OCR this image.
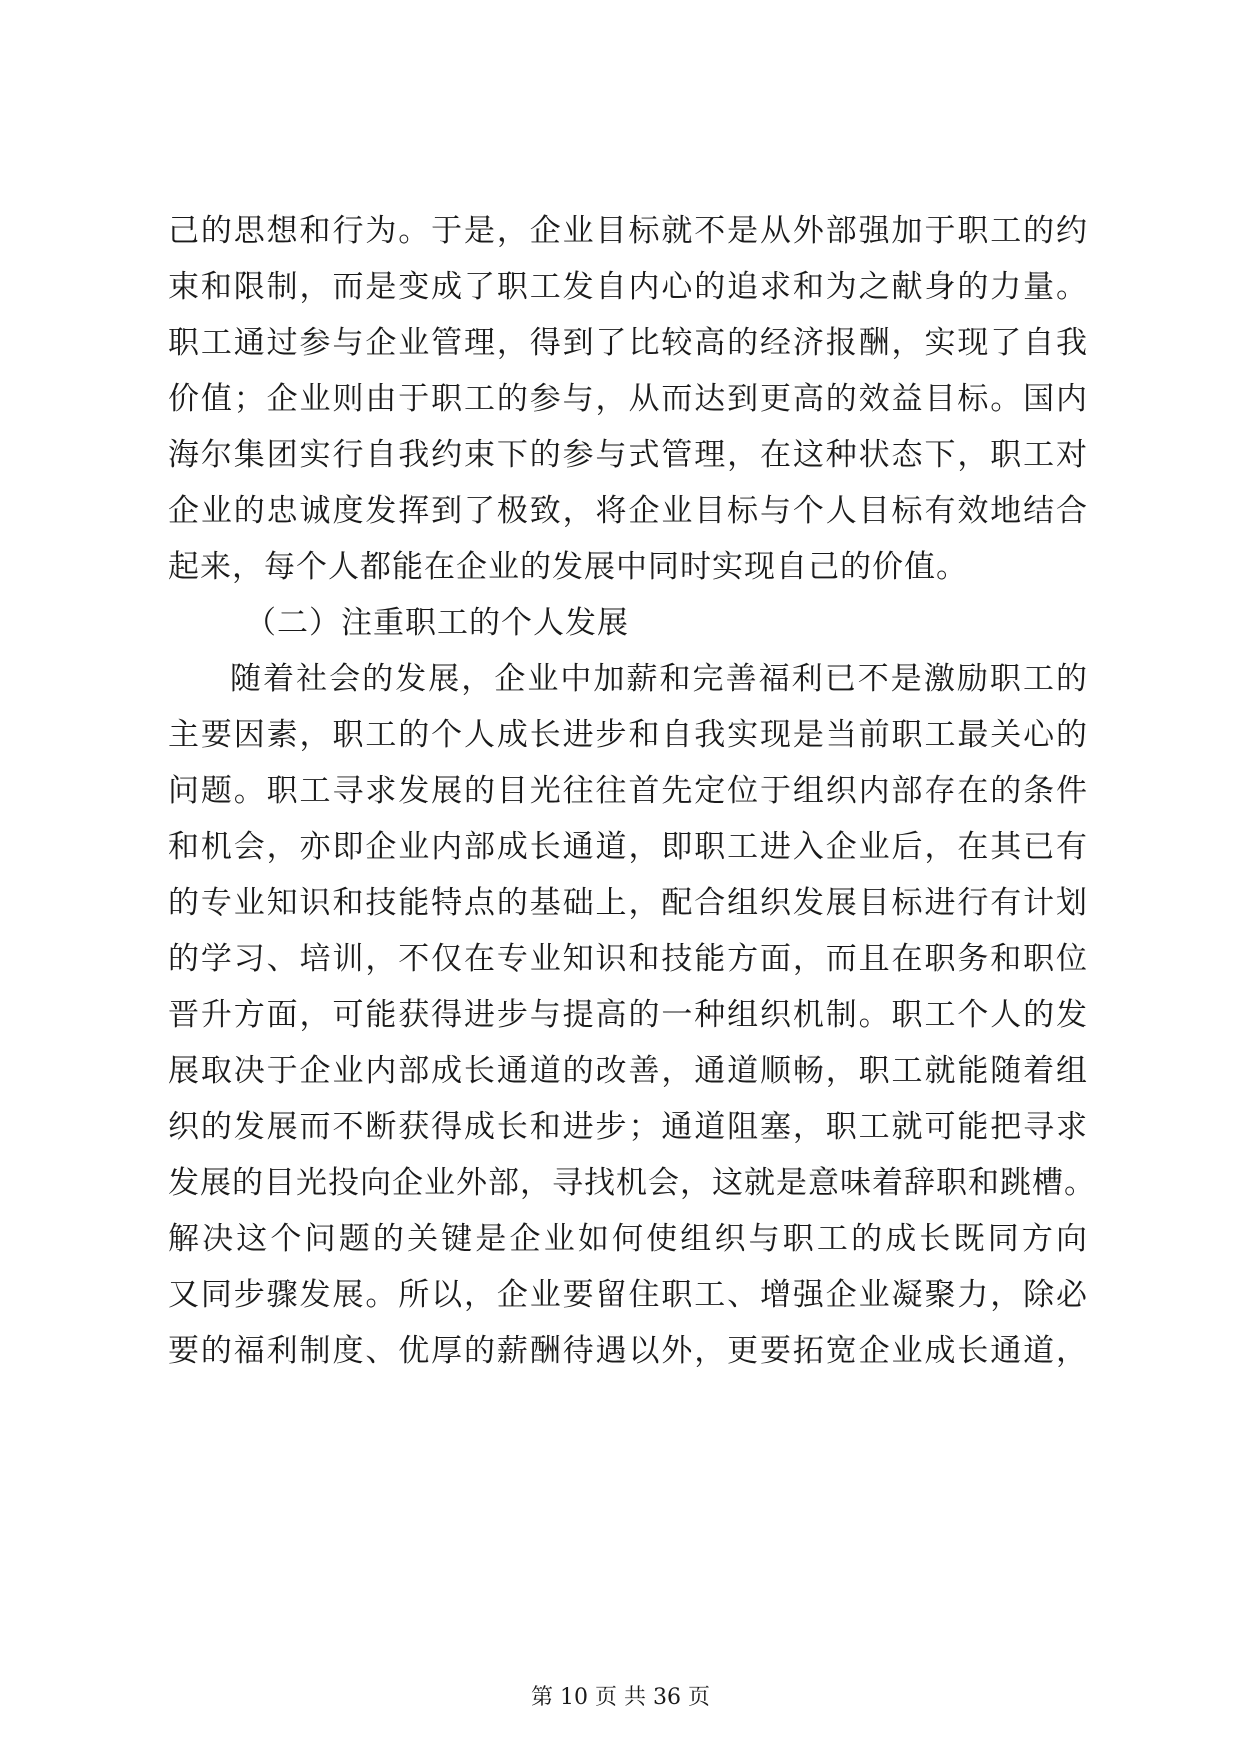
己的思想和行为。于是，企业目标就不是从外部强加于职工的约
束和限制，而是变成了职工发自内心的追求和为之献身的力量。
职工通过参与企业管理，得到了比较高的经济报酬，实现了自我
价值；企业则由于职工的参与，从而达到更高的效益目标。国内
海尔集团实行自我约束下的参与式管理，在这种状态下，职工对
企业的忠诚度发挥到了极致，将企业目标与个人目标有效地结合
起来，每个人都能在企业的发展中同时实现自己的价值。
（二）注重职工的个人发展
随着社会的发展，企业中加薪和完善福利已不是激励职工的
主要因素，职工的个人成长进步和自我实现是当前职工最关心的
问题。职工寻求发展的目光往往首先定位于组织内部存在的条件
和机会，亦即企业内部成长通道，即职工进入企业后，在其已有
的专业知识和技能特点的基础上，配合组织发展目标进行有计划
的学习、培训，不仅在专业知识和技能方面，而且在职务和职位
晋升方面，可能获得进步与提高的一种组织机制。职工个人的发
展取决于企业内部成长通道的改善，通道顺畅，职工就能随着组
织的发展而不断获得成长和进步；通道阻塞，职工就可能把寻求
发展的目光投向企业外部，寻找机会，这就是意味着辞职和跳槽。
解决这个问题的关键是企业如何使组织与职工的成长既同方向
又同步骤发展。所以，企业要留住职工、增强企业凝聚力，除必
要的福利制度、优厚的薪酬待遇以外，更要拓宽企业成长通道，
第 10 页 共 36 页
